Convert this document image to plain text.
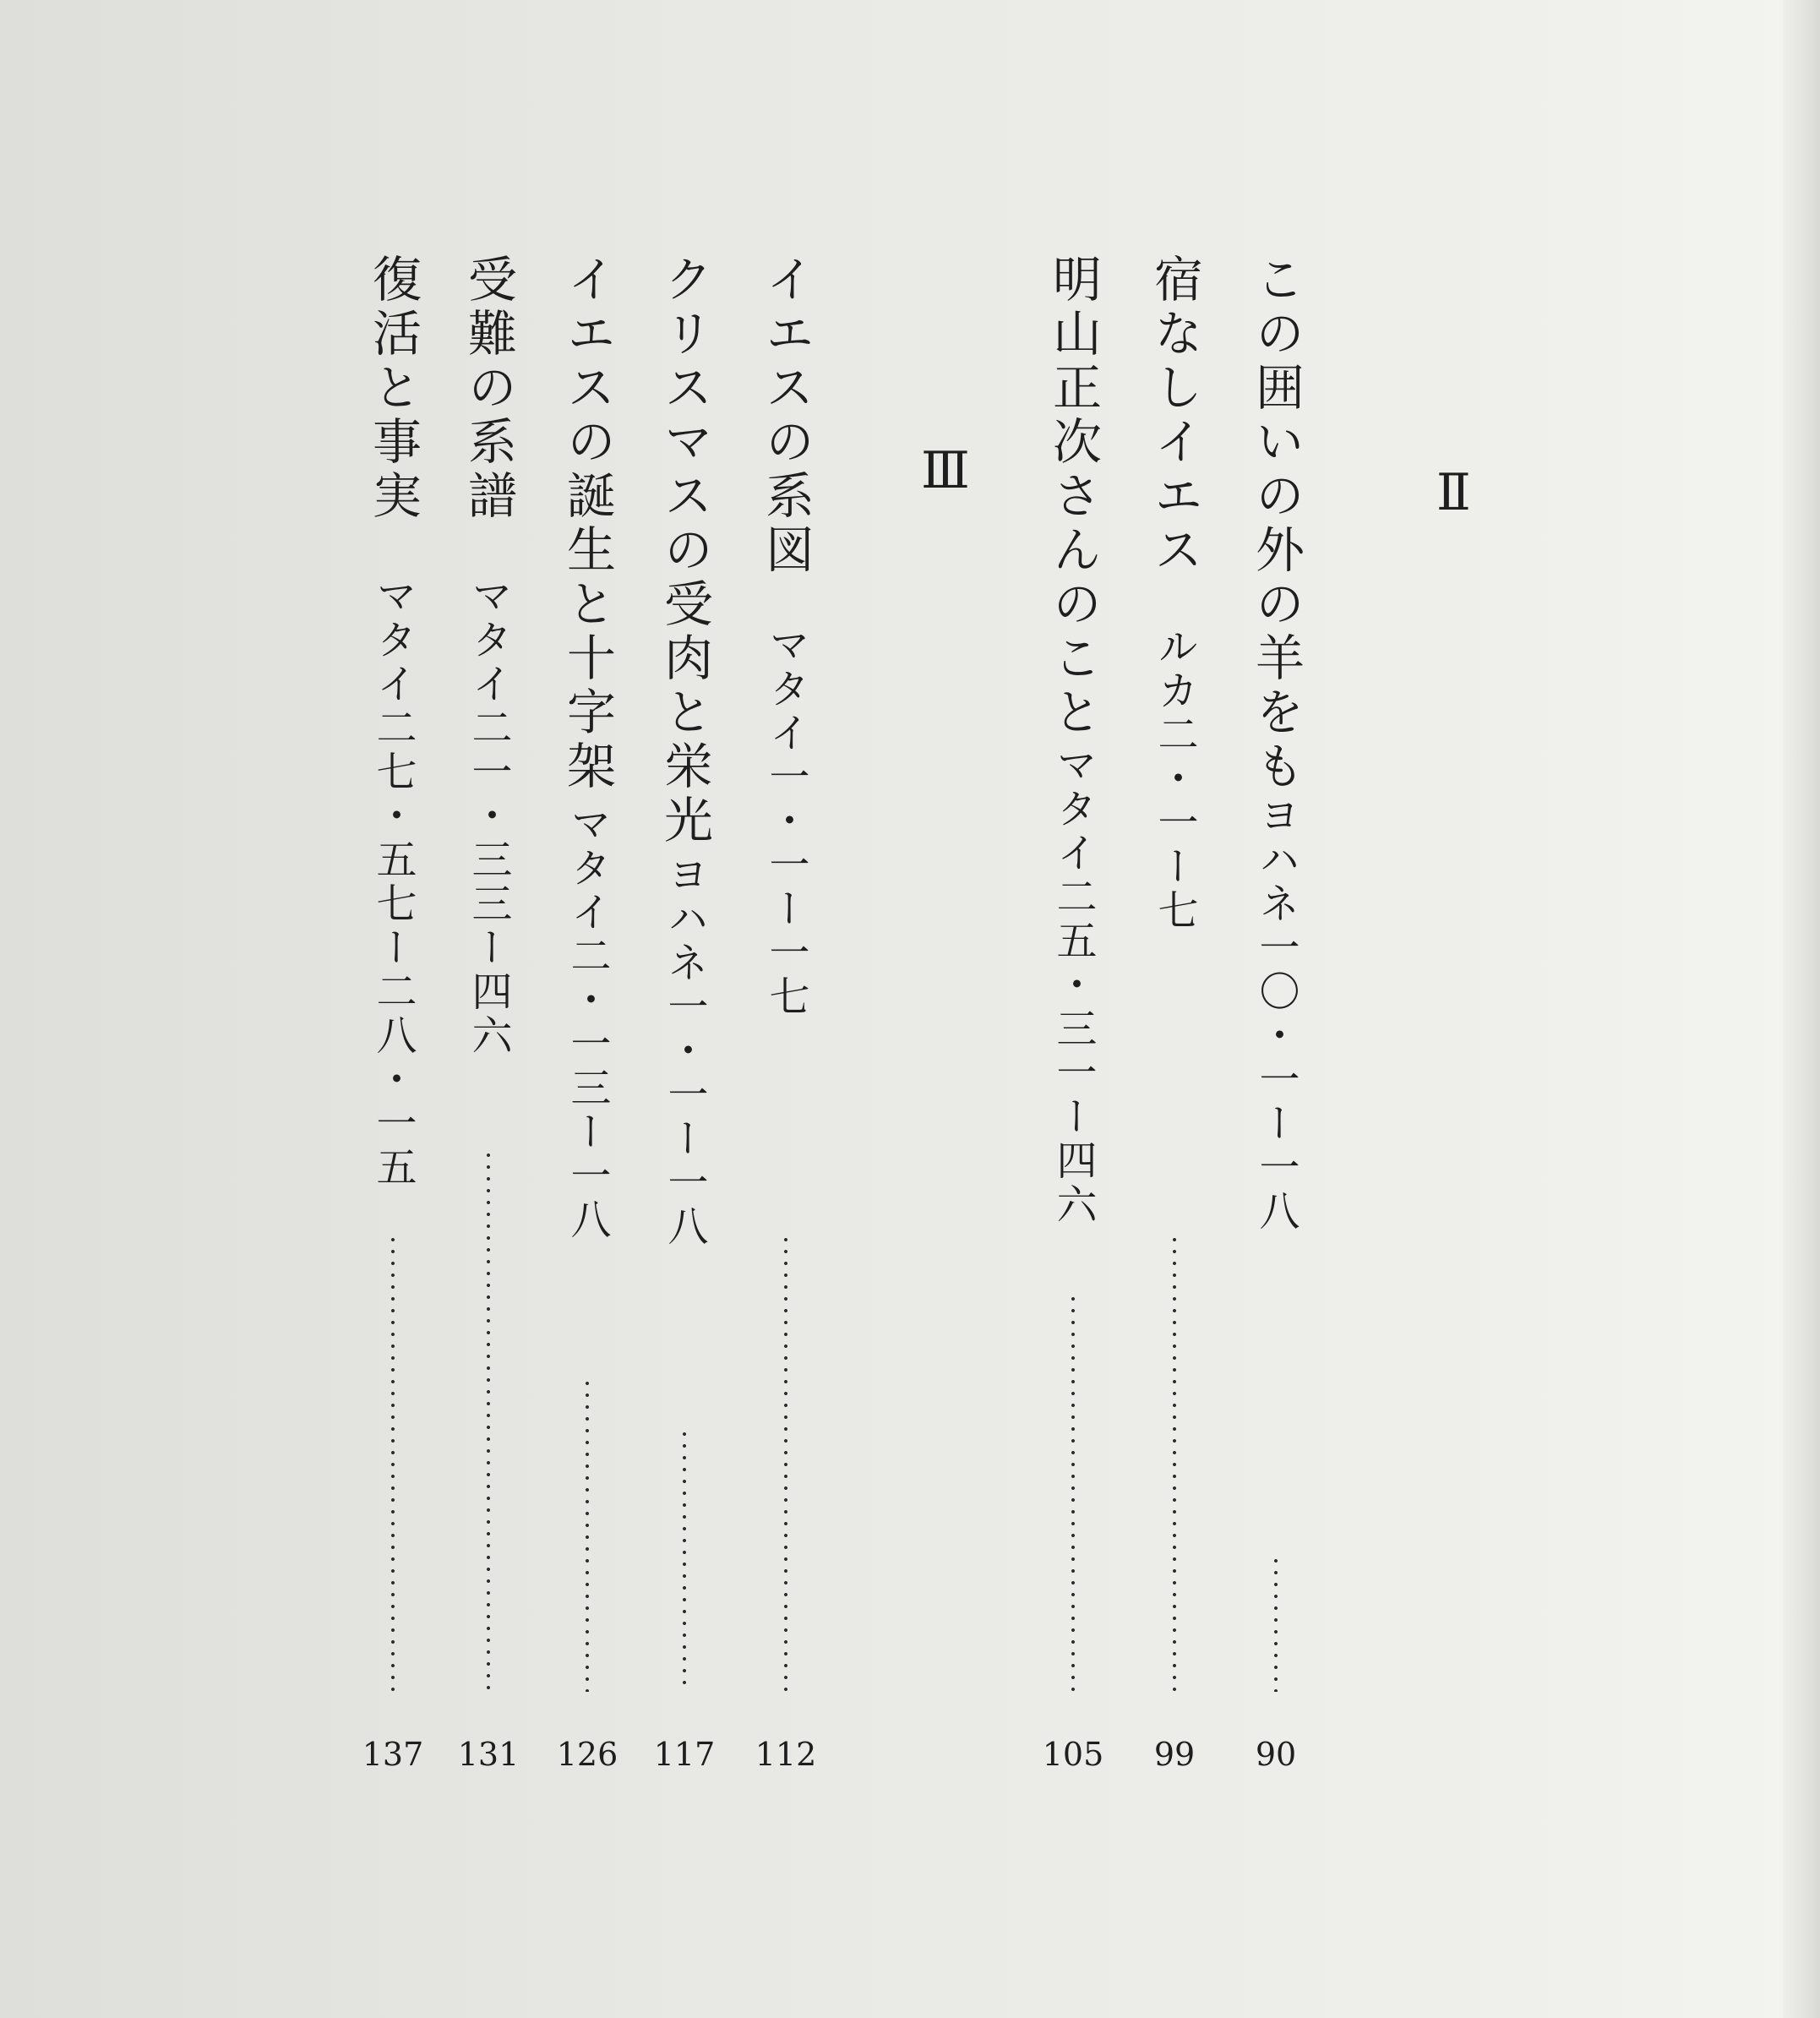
Ⅱ
Ⅲ	この囲いの外の羊をも
ヨハネ一〇・一ー一八
90
宿なしイエス
ルカ二・一ー七
99
明山正次さんのこと
マタイ二五・三一ー四六
105
イエスの系図
マタイ一・一ー一七
112
クリスマスの受肉と栄光
ヨハネ一・一ー一八
117
イエスの誕生と十字架
マタイ二・一三ー一八
126
受難の系譜
マタイ二一・三三ー四六
131
復活と事実
マタイ二七・五七ー二八・一五
137
